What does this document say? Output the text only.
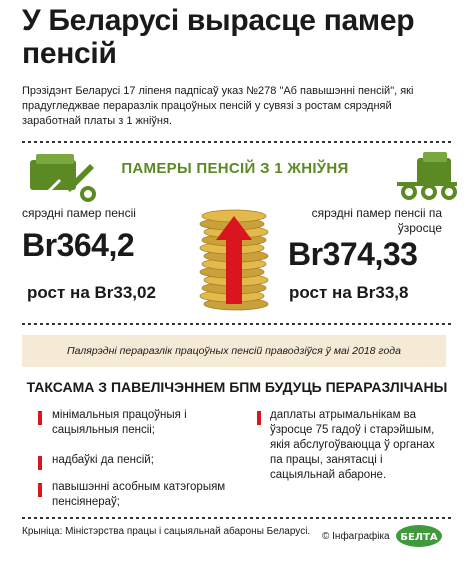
У Беларусі вырасце памер пенсій
Прэзідэнт Беларусі 17 ліпеня падпісаў указ №278 "Аб павышэнні пенсій", які прадугледжвае пераразлік працоўных пенсій у сувязі з ростам сярэдняй заработнай платы з 1 жніўня.
ПАМЕРЫ ПЕНСІЙ З 1 ЖНІЎНЯ
сярэдні памер пенсіі
Br364,2
рост на Br33,02
сярэдні памер пенсіі па ўзросце
Br374,33
рост на Br33,8
Палярэдні пераразлік працоўных пенсій праводзіўся ў маі 2018 года
ТАКСАМА З ПАВЕЛІЧЭННЕМ БПМ БУДУЦЬ ПЕРАРАЗЛІЧАНЫ
мінімальныя працоўныя і сацыяльныя пенсіі;
надбаўкі да пенсій;
павышэнні асобным катэгорыям пенсіянераў;
даплаты атрымальнікам ва ўзросце 75 гадоў і старэйшым, якія абслугоўваюцца ў органах па працы, занятасці і сацыяльнай абароне.
Крыніца: Міністэрства працы і сацыяльнай абароны Беларусі. © Інфаграфіка БЕЛТА
